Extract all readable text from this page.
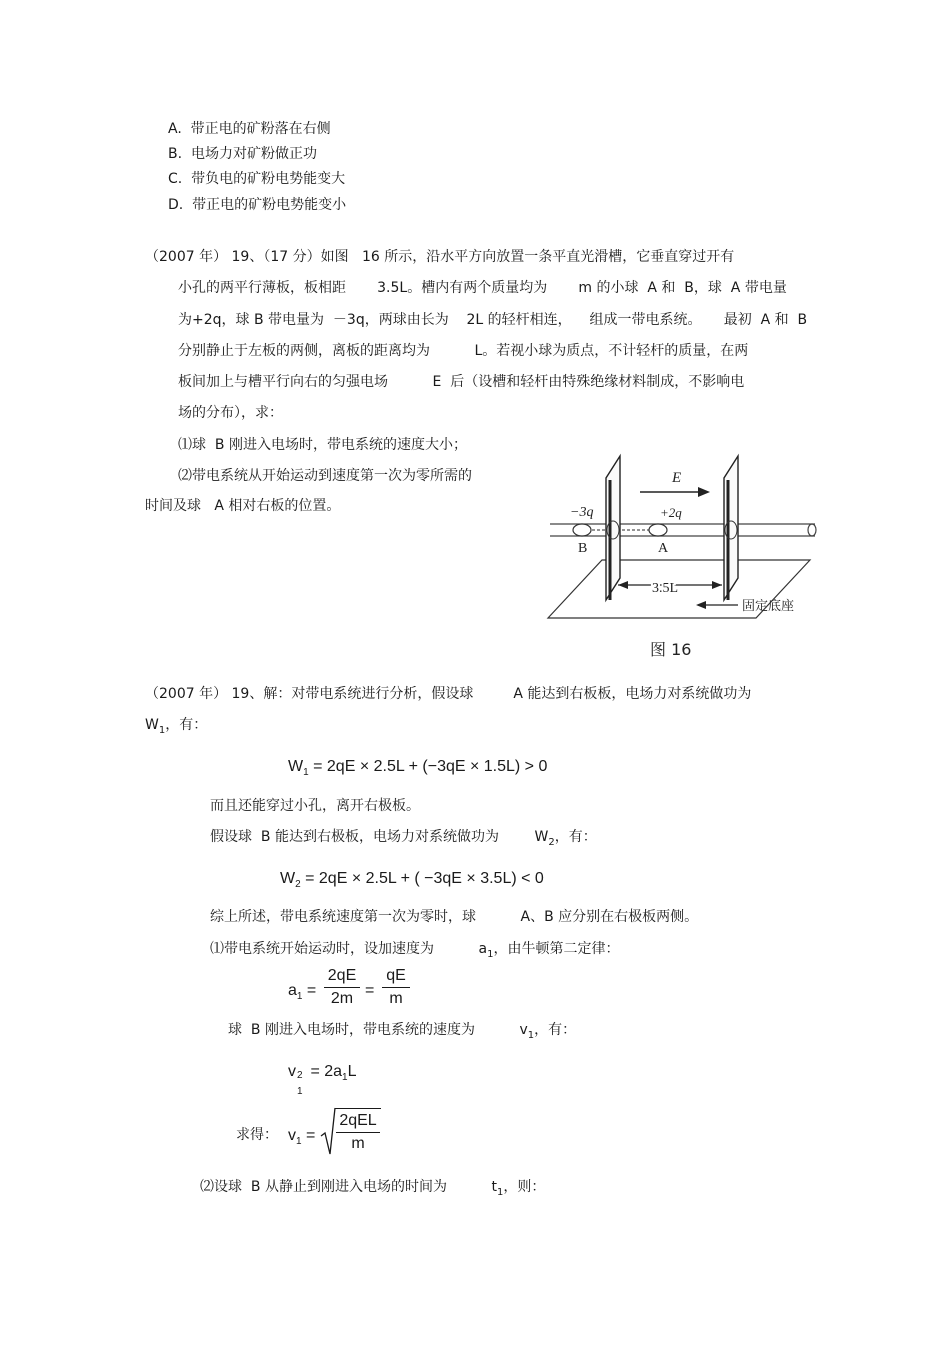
A.  带正电的矿粉落在右侧
B.  电场力对矿粉做正功
C.  带负电的矿粉电势能变大
D.  带正电的矿粉电势能变小
（2007 年） 19、（17 分）如图   16 所示，沿水平方向放置一条平直光滑槽，它垂直穿过开有
小孔的两平行薄板，板相距       3.5L。槽内有两个质量均为       m 的小球  A 和  B，球  A 带电量
为+2q，球 B 带电量为  －3q，两球由长为    2L 的轻杆相连，    组成一带电系统。     最初  A 和  B
分别静止于左板的两侧，离板的距离均为          L。若视小球为质点，不计轻杆的质量，在两
板间加上与槽平行向右的匀强电场          E  后（设槽和轻杆由特殊绝缘材料制成，不影响电
场的分布），求：
⑴球  B 刚进入电场时，带电系统的速度大小；
⑵带电系统从开始运动到速度第一次为零所需的
时间及球   A 相对右板的位置。	−3q	+2q
B	A
E
3.5L
固定底座
图 16
（2007 年） 19、解：对带电系统进行分析，假设球         A 能达到右板板，电场力对系统做功为
$W_1$，有：
$W_1 = 2qE \times 2.5L + (-3qE \times 1.5L) > 0$
而且还能穿过小孔，离开右极板。
假设球  B 能达到右极板，电场力对系统做功为        $W_2$，有：
$W_2 = 2qE \times 2.5L$ + ( −3qE × 3.5L) < 0
综上所述，带电系统速度第一次为零时，球          A、B 应分别在右极板两侧。
⑴带电系统开始运动时，设加速度为          $a_1$，由牛顿第二定律：
$a_1$ =
2qE
2m =
qE
m
球  B 刚进入电场时，带电系统的速度为          $v_1$，有：
v 2
1
= $2a_1L$
求得： $v_1$ =
2qEL
m
⑵设球  B 从静止到刚进入电场的时间为          $t_1$，则：
